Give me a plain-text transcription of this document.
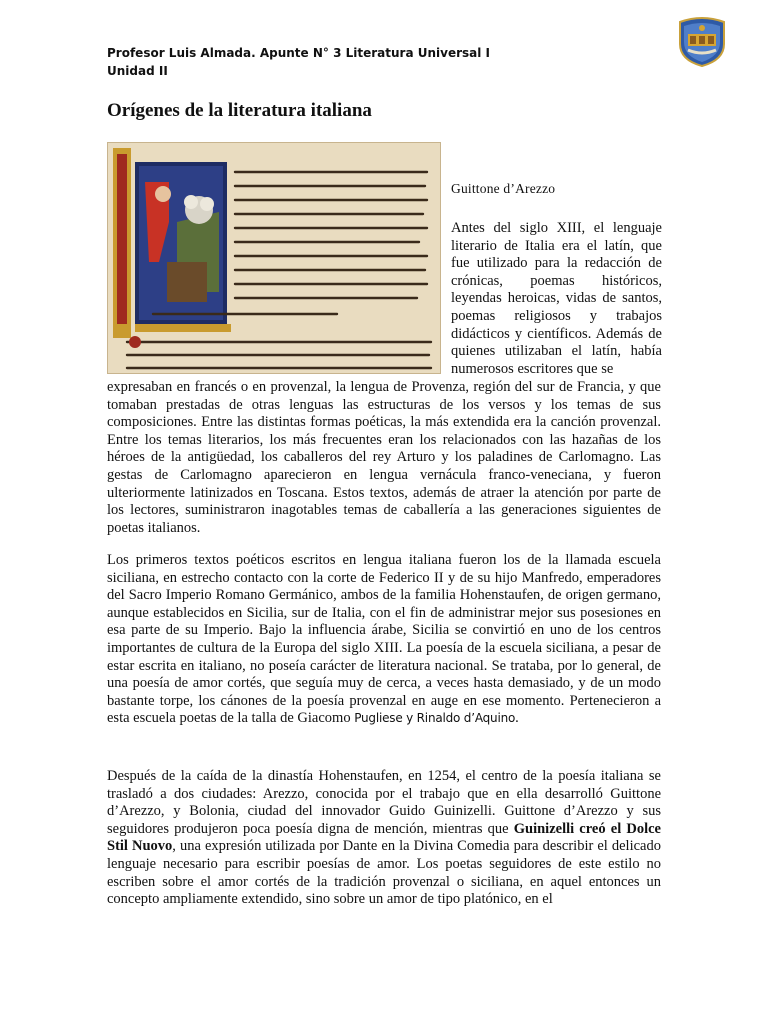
Profesor Luis Almada. Apunte N° 3 Literatura Universal I
Unidad II
Orígenes de la literatura italiana
Guittone d’Arezzo
Antes del siglo XIII, el lenguaje literario de Italia era el latín, que fue utilizado para la redacción de crónicas, poemas históricos, leyendas heroicas, vidas de santos, poemas religiosos y trabajos didácticos y científicos. Además de quienes utilizaban el latín, había numerosos escritores que se

expresaban en francés o en provenzal, la lengua de Provenza, región del sur de Francia, y que tomaban prestadas de otras lenguas las estructuras de los versos y los temas de sus composiciones. Entre las distintas formas poéticas, la más extendida era la canción provenzal. Entre los temas literarios, los más frecuentes eran los relacionados con las hazañas de los héroes de la antigüedad, los caballeros del rey Arturo y los paladines de Carlomagno. Las gestas de Carlomagno aparecieron en lengua vernácula franco-veneciana, y fueron ulteriormente latinizados en Toscana. Estos textos, además de atraer la atención por parte de los lectores, suministraron inagotables temas de caballería a las generaciones siguientes de poetas italianos.

Los primeros textos poéticos escritos en lengua italiana fueron los de la llamada escuela siciliana, en estrecho contacto con la corte de Federico II y de su hijo Manfredo, emperadores del Sacro Imperio Romano Germánico, ambos de la familia Hohenstaufen, de origen germano, aunque establecidos en Sicilia, sur de Italia, con el fin de administrar mejor sus posesiones en esa parte de su Imperio. Bajo la influencia árabe, Sicilia se convirtió en uno de los centros importantes de cultura de la Europa del siglo XIII. La poesía de la escuela siciliana, a pesar de estar escrita en italiano, no poseía carácter de literatura nacional. Se trataba, por lo general, de una poesía de amor cortés, que seguía muy de cerca, a veces hasta demasiado, y de un modo bastante torpe, los cánones de la poesía provenzal en auge en ese momento. Pertenecieron a esta escuela poetas de la talla de Giacomo Pugliese y Rinaldo d’Aquino.

Después de la caída de la dinastía Hohenstaufen, en 1254, el centro de la poesía italiana se trasladó a dos ciudades: Arezzo, conocida por el trabajo que en ella desarrolló Guittone d’Arezzo, y Bolonia, ciudad del innovador Guido Guinizelli. Guittone d’Arezzo y sus seguidores produjeron poca poesía digna de mención, mientras que Guinizelli creó el Dolce Stil Nuovo, una expresión utilizada por Dante en la Divina Comedia para describir el delicado lenguaje necesario para escribir poesías de amor. Los poetas seguidores de este estilo no escriben sobre el amor cortés de la tradición provenzal o siciliana, en aquel entonces un concepto ampliamente extendido, sino sobre un amor de tipo platónico, en el
